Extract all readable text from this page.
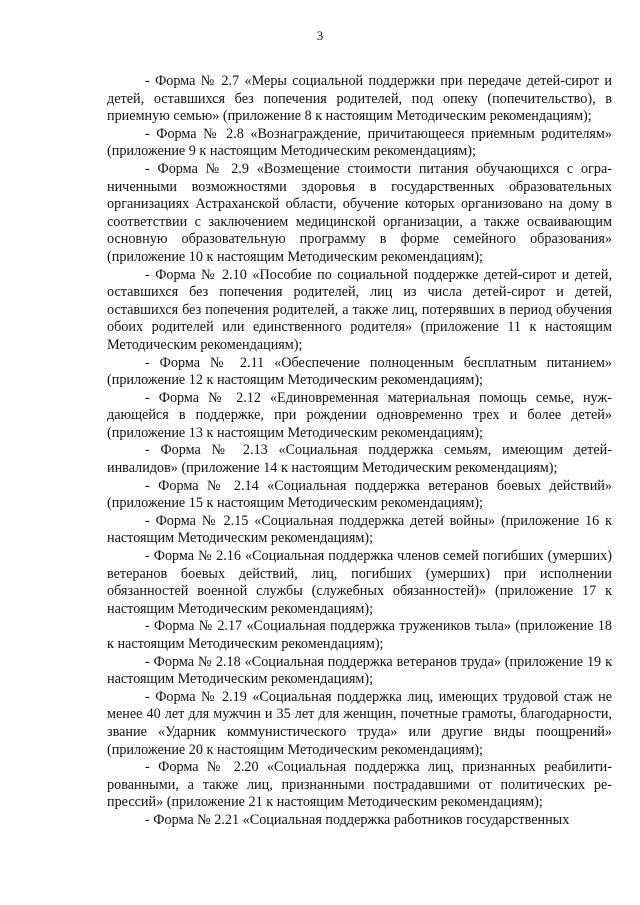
3

- Форма № 2.7 «Меры социальной поддержки при передаче детей-сирот и детей, оставшихся без попечения родителей, под опеку (попечительство), в приемную семью» (приложение 8 к настоящим Методическим рекомендациям);

- Форма № 2.8 «Вознаграждение, причитающееся приемным родителям» (приложение 9 к настоящим Методическим рекомендациям);

- Форма № 2.9 «Возмещение стоимости питания обучающихся с ограниченными возможностями здоровья в государственных образовательных организациях Астраханской области, обучение которых организовано на дому в соответствии с заключением медицинской организации, а также осваивающим основную образовательную программу в форме семейного образования» (приложение 10 к настоящим Методическим рекомендациям);

- Форма № 2.10 «Пособие по социальной поддержке детей-сирот и детей, оставшихся без попечения родителей, лиц из числа детей-сирот и детей, оставшихся без попечения родителей, а также лиц, потерявших в период обучения обоих родителей или единственного родителя» (приложение 11 к настоящим Методическим рекомендациям);

- Форма № 2.11 «Обеспечение полноценным бесплатным питанием» (приложение 12 к настоящим Методическим рекомендациям);

- Форма № 2.12 «Единовременная материальная помощь семье, нуждающейся в поддержке, при рождении одновременно трех и более детей» (приложение 13 к настоящим Методическим рекомендациям);

- Форма № 2.13 «Социальная поддержка семьям, имеющим детей-инвалидов» (приложение 14 к настоящим Методическим рекомендациям);

- Форма № 2.14 «Социальная поддержка ветеранов боевых действий» (приложение 15 к настоящим Методическим рекомендациям);

- Форма № 2.15 «Социальная поддержка детей войны» (приложение 16 к настоящим Методическим рекомендациям);

- Форма № 2.16 «Социальная поддержка членов семей погибших (умерших) ветеранов боевых действий, лиц, погибших (умерших) при исполнении обязанностей военной службы (служебных обязанностей)» (приложение 17 к настоящим Методическим рекомендациям);

- Форма № 2.17 «Социальная поддержка тружеников тыла» (приложение 18 к настоящим Методическим рекомендациям);

- Форма № 2.18 «Социальная поддержка ветеранов труда» (приложение 19 к настоящим Методическим рекомендациям);

- Форма № 2.19 «Социальная поддержка лиц, имеющих трудовой стаж не менее 40 лет для мужчин и 35 лет для женщин, почетные грамоты, благодарности, звание «Ударник коммунистического труда» или другие виды поощрений» (приложение 20 к настоящим Методическим рекомендациям);

- Форма № 2.20 «Социальная поддержка лиц, признанных реабилитированными, а также лиц, признанными пострадавшими от политических репрессий» (приложение 21 к настоящим Методическим рекомендациям);

- Форма № 2.21 «Социальная поддержка работников государственных
